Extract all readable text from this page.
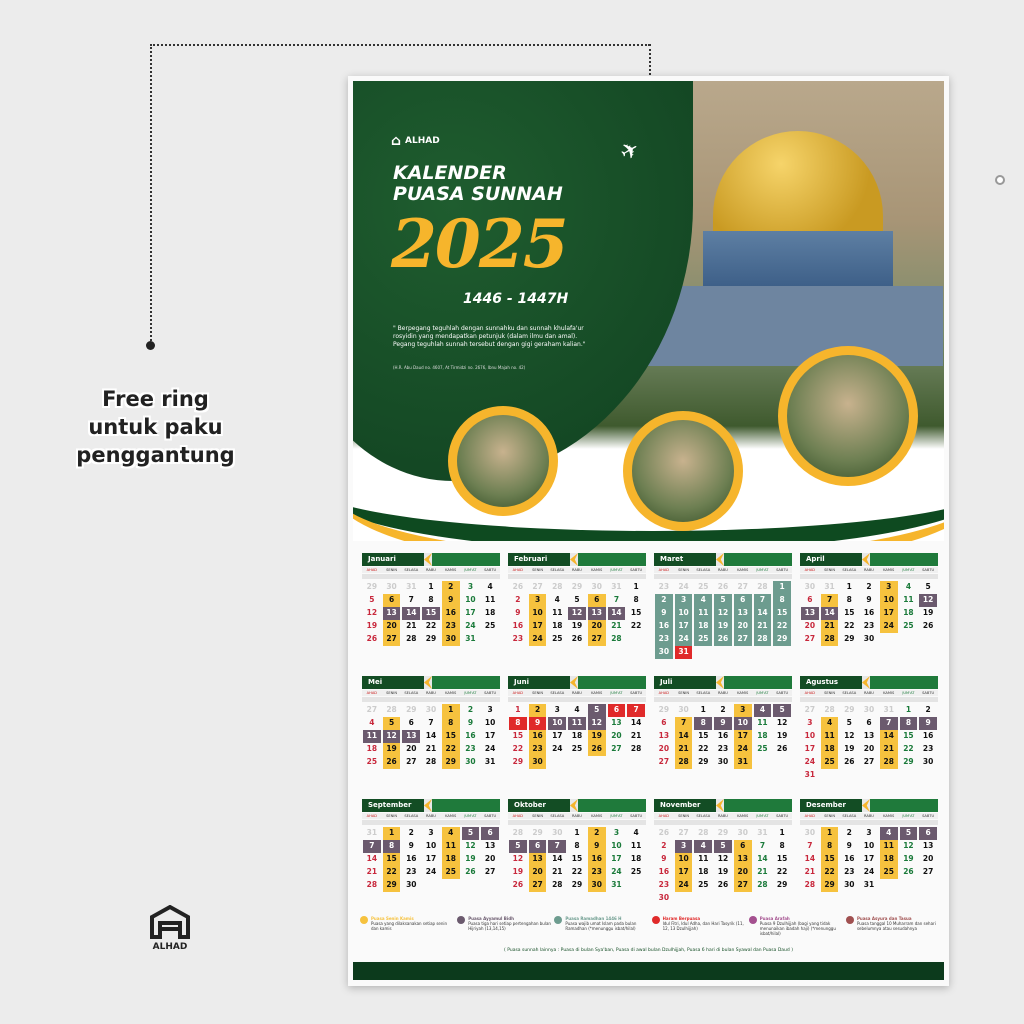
Free ring
untuk paku
penggantung
ALHAD
⌂ ALHAD	✈
KALENDER
PUASA SUNNAH
2025
1446 - 1447H
" Berpegang teguhlah dengan sunnahku dan sunnah khulafa'ur rosyidin yang mendapatkan petunjuk (dalam ilmu dan amal). Pegang teguhlah sunnah tersebut dengan gigi geraham kalian."
(H.R. Abu Daud no. 4607, At Tirmidzi no. 2676, Ibnu Majah no. 42)
Januari
AHAD	SENIN	SELASA	RABU	KAMIS	JUM'AT	SABTU
29	30	31	1	2	3	4
5	6	7	8	9	10	11
12	13	14	15	16	17	18
19	20	21	22	23	24	25
26	27	28	29	30	31
Februari
AHAD	SENIN	SELASA	RABU	KAMIS	JUM'AT	SABTU
26	27	28	29	30	31	1
2	3	4	5	6	7	8
9	10	11	12	13	14	15
16	17	18	19	20	21	22
23	24	25	26	27	28
Maret
AHAD	SENIN	SELASA	RABU	KAMIS	JUM'AT	SABTU
23	24	25	26	27	28	1
2	3	4	5	6	7	8
9	10	11	12	13	14	15
16	17	18	19	20	21	22
23	24	25	26	27	28	29
30	31
April
AHAD	SENIN	SELASA	RABU	KAMIS	JUM'AT	SABTU
30	31	1	2	3	4	5
6	7	8	9	10	11	12
13	14	15	16	17	18	19
20	21	22	23	24	25	26
27	28	29	30
Mei
AHAD	SENIN	SELASA	RABU	KAMIS	JUM'AT	SABTU
27	28	29	30	1	2	3
4	5	6	7	8	9	10
11	12	13	14	15	16	17
18	19	20	21	22	23	24
25	26	27	28	29	30	31
Juni
AHAD	SENIN	SELASA	RABU	KAMIS	JUM'AT	SABTU
1	2	3	4	5	6	7
8	9	10	11	12	13	14
15	16	17	18	19	20	21
22	23	24	25	26	27	28
29	30
Juli
AHAD	SENIN	SELASA	RABU	KAMIS	JUM'AT	SABTU
29	30	1	2	3	4	5
6	7	8	9	10	11	12
13	14	15	16	17	18	19
20	21	22	23	24	25	26
27	28	29	30	31
Agustus
AHAD	SENIN	SELASA	RABU	KAMIS	JUM'AT	SABTU
27	28	29	30	31	1	2
3	4	5	6	7	8	9
10	11	12	13	14	15	16
17	18	19	20	21	22	23
24	25	26	27	28	29	30
31
September
AHAD	SENIN	SELASA	RABU	KAMIS	JUM'AT	SABTU
31	1	2	3	4	5	6
7	8	9	10	11	12	13
14	15	16	17	18	19	20
21	22	23	24	25	26	27
28	29	30
Oktober
AHAD	SENIN	SELASA	RABU	KAMIS	JUM'AT	SABTU
28	29	30	1	2	3	4
5	6	7	8	9	10	11
12	13	14	15	16	17	18
19	20	21	22	23	24	25
26	27	28	29	30	31
November
AHAD	SENIN	SELASA	RABU	KAMIS	JUM'AT	SABTU
26	27	28	29	30	31	1
2	3	4	5	6	7	8
9	10	11	12	13	14	15
16	17	18	19	20	21	22
23	24	25	26	27	28	29
30
Desember
AHAD	SENIN	SELASA	RABU	KAMIS	JUM'AT	SABTU
30	1	2	3	4	5	6
7	8	9	10	11	12	13
14	15	16	17	18	19	20
21	22	23	24	25	26	27
28	29	30	31
Puasa Senin Kamis
Puasa yang dilaksanakan setiap senin dan kamis
Puasa Ayyamul Bidh
Puasa tiga hari setiap pertengahan bulan Hijriyah (13,14,15)
Puasa Ramadhan 1446 H
Puasa wajib umat Islam pada bulan Ramadhan (*menunggu isbat/hilal)
Haram Berpuasa
Idul Fitri, Idul Adha, dan Hari Tasyrik (11, 12, 13 Dzulhijjah)
Puasa Arafah
Puasa 9 Dzulhijjah (bagi yang tidak menunaikan ibadah haji) (*menunggu isbat/hilal)
Puasa Asyura dan Tasua
Puasa tanggal 10 Muharram dan sehari sebelumnya atau sesudahnya
( Puasa sunnah lainnya : Puasa di bulan Sya'ban, Puasa di awal bulan Dzulhijjah, Puasa 6 hari di bulan Syawal dan Puasa Daud )
